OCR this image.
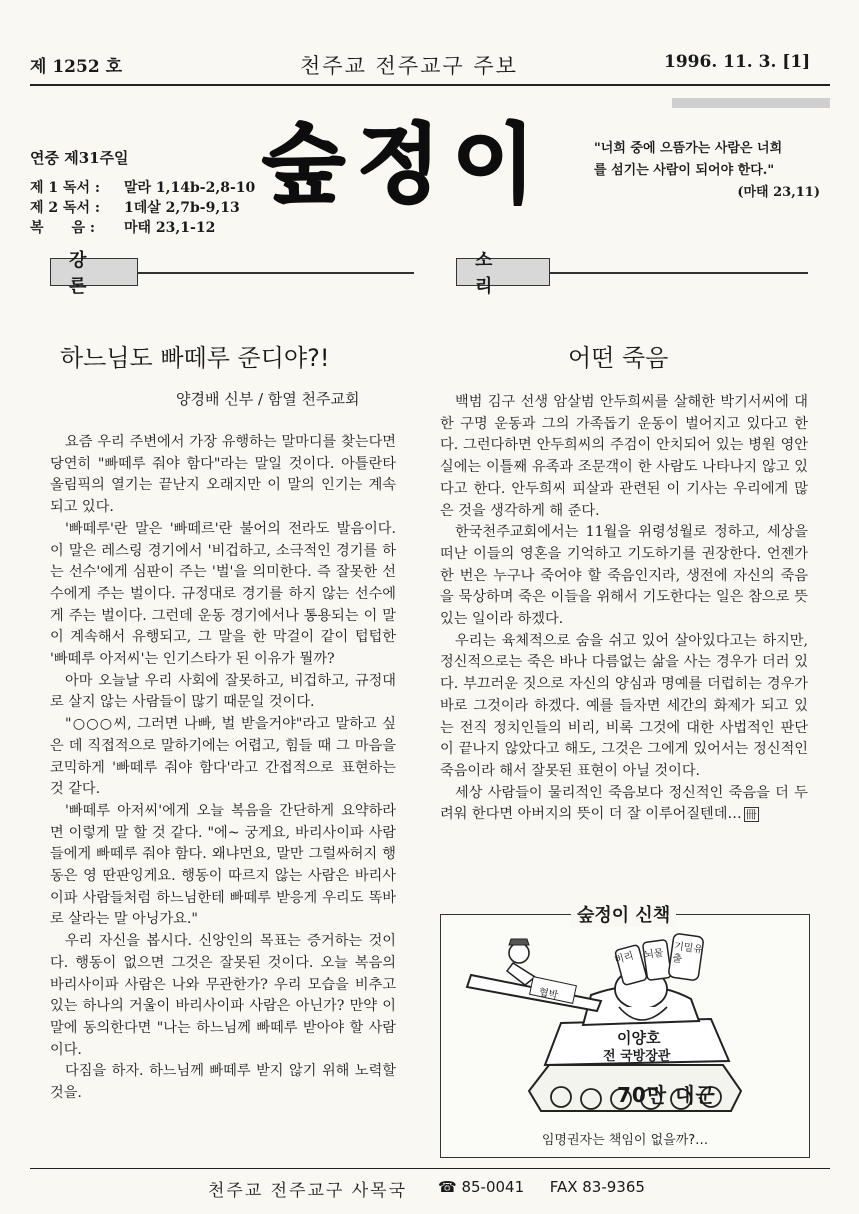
제 1252 호	천주교 전주교구 주보	1996. 11. 3. [1]
연중 제31주일
제 1 독서 : 말라 1,14b-2,8-10
제 2 독서 : 1데살 2,7b-9,13
복　　음 : 마태 23,1-12
숲정이	"너희 중에 으뜸가는 사람은 너희
를 섬기는 사람이 되어야 한다."
(마태 23,11)
강 론
소 리
하느님도 빠떼루 준디야?!
양경배 신부 / 함열 천주교회

요즘 우리 주변에서 가장 유행하는 말마디를 찾는다면 당연히 "빠떼루 줘야 함다"라는 말일 것이다. 아틀란타 올림픽의 열기는 끝난지 오래지만 이 말의 인기는 계속되고 있다.

'빠떼루'란 말은 '빠떼르'란 불어의 전라도 발음이다. 이 말은 레스링 경기에서 '비겁하고, 소극적인 경기를 하는 선수'에게 심판이 주는 '벌'을 의미한다. 즉 잘못한 선수에게 주는 벌이다. 규정대로 경기를 하지 않는 선수에게 주는 벌이다. 그런데 운동 경기에서나 통용되는 이 말이 계속해서 유행되고, 그 말을 한 막걸이 같이 텁텁한 '빠떼루 아저씨'는 인기스타가 된 이유가 뭘까?

아마 오늘날 우리 사회에 잘못하고, 비겁하고, 규정대로 살지 않는 사람들이 많기 때문일 것이다.

"○○○씨, 그러면 나빠, 벌 받을거야"라고 말하고 싶은 데 직접적으로 말하기에는 어렵고, 힘들 때 그 마음을 코믹하게 '빠떼루 줘야 함다'라고 간접적으로 표현하는 것 같다.

'빠떼루 아저씨'에게 오늘 복음을 간단하게 요약하라면 이렇게 말 할 것 같다. "에~ 궁게요, 바리사이파 사람들에게 빠떼루 줘야 함다. 왜냐먼요, 말만 그럴싸허지 행동은 영 딴판잉게요. 행동이 따르지 않는 사람은 바리사이파 사람들처럼 하느님한테 빠떼루 받응게 우리도 똑바로 살라는 말 아닝가요."

우리 자신을 봅시다. 신앙인의 목표는 증거하는 것이다. 행동이 없으면 그것은 잘못된 것이다. 오늘 복음의 바리사이파 사람은 나와 무관한가? 우리 모습을 비추고 있는 하나의 거울이 바리사이파 사람은 아닌가? 만약 이 말에 동의한다면 "나는 하느님께 빠떼루 받아야 할 사람이다.

다짐을 하자. 하느님께 빠떼루 받지 않기 위해 노력할 것을.

어떤 죽음

백범 김구 선생 암살범 안두희씨를 살해한 박기서씨에 대한 구명 운동과 그의 가족돕기 운동이 벌어지고 있다고 한다. 그런다하면 안두희씨의 주검이 안치되어 있는 병원 영안실에는 이틀째 유족과 조문객이 한 사람도 나타나지 않고 있다고 한다. 안두희씨 피살과 관련된 이 기사는 우리에게 많은 것을 생각하게 해 준다.

한국천주교회에서는 11월을 위령성월로 정하고, 세상을 떠난 이들의 영혼을 기억하고 기도하기를 권장한다. 언젠가 한 번은 누구나 죽어야 할 죽음인지라, 생전에 자신의 죽음을 묵상하며 죽은 이들을 위해서 기도한다는 일은 참으로 뜻있는 일이라 하겠다.

우리는 육체적으로 숨을 쉬고 있어 살아있다고는 하지만, 정신적으로는 죽은 바나 다름없는 삶을 사는 경우가 더러 있다. 부끄러운 짓으로 자신의 양심과 명예를 더럽히는 경우가 바로 그것이라 하겠다. 예를 들자면 세간의 화제가 되고 있는 전직 정치인들의 비리, 비록 그것에 대한 사법적인 판단이 끝나지 않았다고 해도, 그것은 그에게 있어서는 정신적인 죽음이라 해서 잘못된 표현이 아닐 것이다.

세상 사람들이 물리적인 죽음보다 정신적인 죽음을 더 두려워 한다면 아버지의 뜻이 더 잘 이루어질텐데… 冊

숲정이 신책
비리 뇌물 기밀유출
협박
이양호
전 국방장관
70만 대군
임명권자는 책임이 없을까?…
천주교 전주교구 사목국 ☎ 85-0041 FAX 83-9365
